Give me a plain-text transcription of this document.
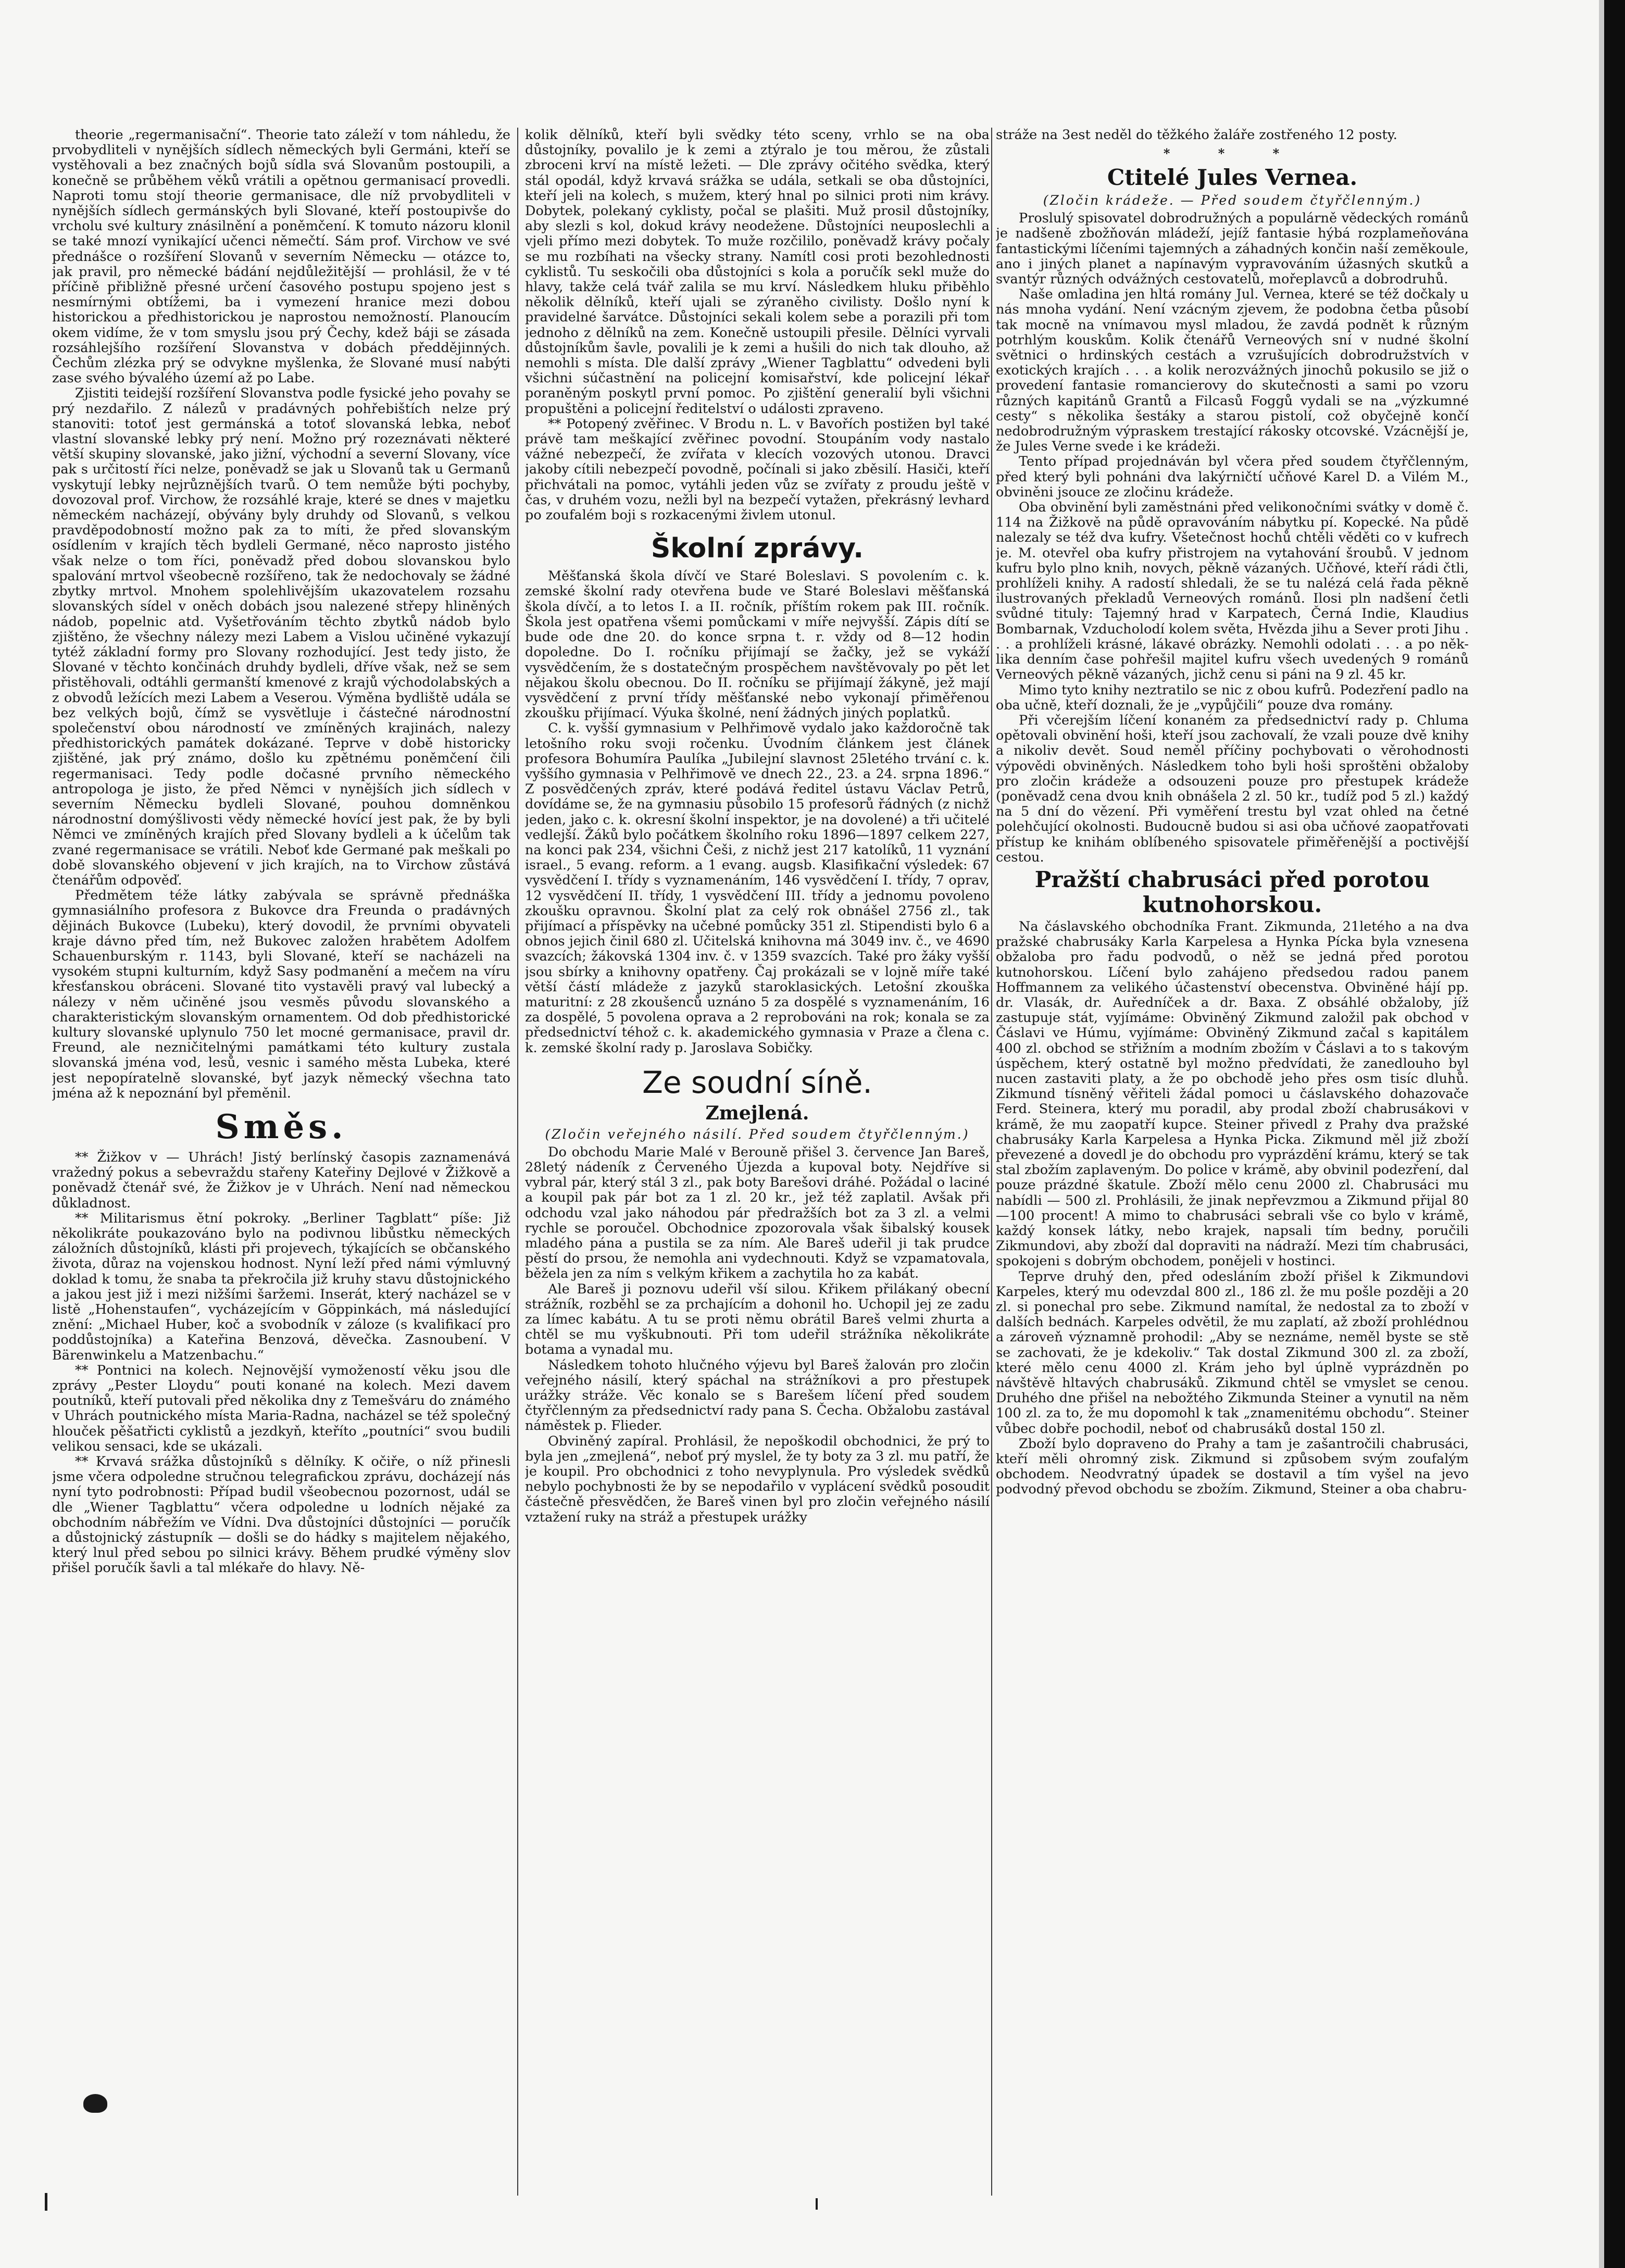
theorie „regermanisační“. Theorie tato záleží v tom náhledu, že prvobydliteli v nynějších sídlech německých byli Germáni, kteří se vystěhovali a bez značných bojů sídla svá Slovanům postoupili, a konečně se průběhem věků vrátili a opětnou germanisací provedli. Naproti tomu stojí theorie germanisace, dle níž prvobydliteli v nynějších sídlech germánských byli Slované, kteří postoupivše do vrcholu své kultury znásilnění a poněmčení. K tomuto názoru klonil se také mnozí vynikající učenci němečtí. Sám prof. Virchow ve své přednášce o rozšíření Slovanů v severním Německu — otázce to, jak pravil, pro německé bádání nejdůležitější — prohlásil, že v té příčině přibližně přesné určení časového postupu spojeno jest s nesmírnými obtížemi, ba i vymezení hranice mezi dobou historickou a předhistorickou je naprostou nemožností. Planoucím okem vidíme, že v tom smyslu jsou prý Čechy, kdež báji se zásada rozsáhlejšího rozšíření Slovanstva v dobách předdějinných. Čechům zlézka prý se odvykne myšlenka, že Slované musí nabýti zase svého bývalého území až po Labe.

Zjistiti teidejší rozšíření Slovanstva podle fysické jeho povahy se prý nezdařilo. Z nálezů v pradávných pohřebištích nelze prý stanoviti: totoť jest germánská a totoť slovanská lebka, neboť vlastní slovanské lebky prý není. Možno prý rozeznávati některé větší skupiny slovanské, jako jižní, východní a severní Slovany, více pak s určitostí říci nelze, poněvadž se jak u Slovanů tak u Germanů vyskytují lebky nejrůznějších tvarů. O tem nemůže býti pochyby, dovozoval prof. Virchow, že rozsáhlé kraje, které se dnes v majetku německém nacházejí, obývány byly druhdy od Slovanů, s velkou pravděpodobností možno pak za to míti, že před slovanským osídlením v krajích těch bydleli Germané, něco naprosto jistého však nelze o tom říci, poněvadž před dobou slovanskou bylo spalování mrtvol všeobecně rozšířeno, tak že nedochovaly se žádné zbytky mrtvol. Mnohem spolehlivějším ukazovatelem rozsahu slovanských sídel v oněch dobách jsou nalezené střepy hliněných nádob, popelnic atd. Vyšetřováním těchto zbytků nádob bylo zjištěno, že všechny nálezy mezi Labem a Vislou učiněné vykazují tytéž základní formy pro Slovany rozhodující. Jest tedy jisto, že Slované v těchto končinách druhdy bydleli, dříve však, než se sem přistěhovali, odtáhli germanští kmenové z krajů východolabských a z obvodů ležících mezi Labem a Veserou. Výměna bydliště udála se bez velkých bojů, čímž se vysvětluje i částečné národnostní společenství obou národností ve zmíněných krajinách, nalezy předhistorických památek dokázané. Teprve v době historicky zjištěné, jak prý známo, došlo ku zpětnému poněmčení čili regermanisaci. Tedy podle dočasné prvního německého antropologa je jisto, že před Němci v nynějších jich sídlech v severním Německu bydleli Slované, pouhou domněnkou národnostní domýšlivosti vědy německé hovící jest pak, že by byli Němci ve zmíněných krajích před Slovany bydleli a k účelům tak zvané regermanisace se vrátili. Neboť kde Germané pak meškali po době slovanského objevení v jich krajích, na to Virchow zůstává čtenářům odpověď.

Předmětem téže látky zabývala se správně přednáška gymnasiálního profesora z Bukovce dra Freunda o pradávných dějinách Bukovce (Lubeku), který dovodil, že prvními obyvateli kraje dávno před tím, než Bukovec založen hrabětem Adolfem Schauenburským r. 1143, byli Slované, kteří se nacházeli na vysokém stupni kulturním, když Sasy podmanění a mečem na víru křesťanskou obráceni. Slované tito vystavěli pravý val lubecký a nálezy v něm učiněné jsou vesměs původu slovanského a charakteristickým slovanským ornamentem. Od dob předhistorické kultury slovanské uplynulo 750 let mocné germanisace, pravil dr. Freund, ale nezničitelnými památkami této kultury zustala slovanská jména vod, lesů, vesnic i samého města Lubeka, které jest nepopíratelně slovanské, byť jazyk německý všechna tato jména až k nepoznání byl přeměnil.

Směs.

** Žižkov v — Uhrách! Jistý berlínský časopis zaznamenává vražedný pokus a sebevraždu stařeny Kateřiny Dejlové v Žižkově a poněvadž čtenář své, že Žižkov je v Uhrách. Není nad německou důkladnost.

** Militarismus ětní pokroky. „Berliner Tagblatt“ píše: Již několikráte poukazováno bylo na podivnou libůstku německých záložních důstojníků, klásti při projevech, týkajících se občanského života, důraz na vojenskou hodnost. Nyní leží před námi výmluvný doklad k tomu, že snaba ta překročila již kruhy stavu důstojnického a jakou jest již i mezi nižšími šaržemi. Inserát, který nacházel se v listě „Hohenstaufen“, vycházejícím v Göppinkách, má následující znění: „Michael Huber, koč a svobodník v záloze (s kvalifikací pro poddůstojníka) a Kateřina Benzová, děvečka. Zasnoubení. V Bärenwinkelu a Matzenbachu.“

** Pontnici na kolech. Nejnovější vymožeností věku jsou dle zprávy „Pester Lloydu“ pouti konané na kolech. Mezi davem poutníků, kteří putovali před několika dny z Temešváru do známého v Uhrách poutnického místa Maria-Radna, nacházel se též společný hlouček pěšatřicti cyklistů a jezdkyň, kteříto „poutníci“ svou budili velikou sensaci, kde se ukázali.

** Krvavá srážka důstojníků s dělníky. K očiře, o níž přinesli jsme včera odpoledne stručnou telegrafickou zprávu, docházejí nás nyní tyto podrobnosti: Případ budil všeobecnou pozornost, udál se dle „Wiener Tagblattu“ včera odpoledne u lodních nějaké za obchodním nábřežím ve Vídni. Dva důstojníci důstojníci — poručík a důstojnický zástupník — došli se do hádky s majitelem nějakého, který lnul před sebou po silnici krávy. Během prudké výměny slov přišel poručík šavli a tal mlékaře do hlavy. Ně-

kolik dělníků, kteří byli svědky této sceny, vrhlo se na oba důstojníky, povalilo je k zemi a ztýralo je tou měrou, že zůstali zbroceni krví na místě ležeti. — Dle zprávy očitého svědka, který stál opodál, když krvavá srážka se udála, setkali se oba důstojníci, kteří jeli na kolech, s mužem, který hnal po silnici proti nim krávy. Dobytek, polekaný cyklisty, počal se plašiti. Muž prosil důstojníky, aby slezli s kol, dokud krávy neodežene. Důstojníci neuposlechli a vjeli přímo mezi dobytek. To muže rozčililo, poněvadž krávy počaly se mu rozbíhati na všecky strany. Namítl cosi proti bezohlednosti cyklistů. Tu seskočili oba důstojníci s kola a poručík sekl muže do hlavy, takže celá tvář zalila se mu krví. Následkem hluku přiběhlo několik dělníků, kteří ujali se zýraněho civilisty. Došlo nyní k pravidelné šarvátce. Důstojníci sekali kolem sebe a porazili při tom jednoho z dělníků na zem. Konečně ustoupili přesile. Dělníci vyrvali důstojníkům šavle, povalili je k zemi a hušili do nich tak dlouho, až nemohli s místa. Dle další zprávy „Wiener Tagblattu“ odvedeni byli všichni súčastnění na policejní komisařství, kde policejní lékař poraněným poskytl první pomoc. Po zjištění generalií byli všichni propuštěni a policejní ředitelství o události zpraveno.

** Potopený zvěřinec. V Brodu n. L. v Bavořích postižen byl také právě tam meškající zvěřinec povodní. Stoupáním vody nastalo vážné nebezpečí, že zvířata v klecích vozových utonou. Dravci jakoby cítili nebezpečí povodně, počínali si jako zběsilí. Hasiči, kteří přichvátali na pomoc, vytáhli jeden vůz se zvířaty z proudu ještě v čas, v druhém vozu, nežli byl na bezpečí vytažen, překrásný levhard po zoufalém boji s rozkacenými živlem utonul.

Školní zprávy.

Měšťanská škola dívčí ve Staré Boleslavi. S povolením c. k. zemské školní rady otevřena bude ve Staré Boleslavi měšťanská škola dívčí, a to letos I. a II. ročník, příštím rokem pak III. ročník. Škola jest opatřena všemi pomůckami v míře nejvyšší. Zápis dítí se bude ode dne 20. do konce srpna t. r. vždy od 8—12 hodin dopoledne. Do I. ročníku přijímají se žačky, jež se vykáží vysvědčením, že s dostatečným prospěchem navštěvovaly po pět let nějakou školu obecnou. Do II. ročníku se přijímají žákyně, jež mají vysvědčení z první třídy měšťanské nebo vykonají přiměřenou zkoušku přijímací. Výuka školné, není žádných jiných poplatků.

C. k. vyšší gymnasium v Pelhřimově vydalo jako každoročně tak letošního roku svoji ročenku. Úvodním článkem jest článek profesora Bohumíra Paulíka „Jubilejní slavnost 25letého trvání c. k. vyššího gymnasia v Pelhřimově ve dnech 22., 23. a 24. srpna 1896.“ Z posvědčených zpráv, které podává ředitel ústavu Václav Petrů, dovídáme se, že na gymnasiu působilo 15 profesorů řádných (z nichž jeden, jako c. k. okresní školní inspektor, je na dovolené) a tři učitelé vedlejší. Žáků bylo počátkem školního roku 1896—1897 celkem 227, na konci pak 234, všichni Češi, z nichž jest 217 katolíků, 11 vyznání israel., 5 evang. reform. a 1 evang. augsb. Klasifikační výsledek: 67 vysvědčení I. třídy s vyznamenáním, 146 vysvědčení I. třídy, 7 oprav, 12 vysvědčení II. třídy, 1 vysvědčení III. třídy a jednomu povoleno zkoušku opravnou. Školní plat za celý rok obnášel 2756 zl., tak přijímací a příspěvky na učebné pomůcky 351 zl. Stipendisti bylo 6 a obnos jejich činil 680 zl. Učitelská knihovna má 3049 inv. č., ve 4690 svazcích; žákovská 1304 inv. č. v 1359 svazcích. Také pro žáky vyšší jsou sbírky a knihovny opatřeny. Čaj prokázali se v lojně míře také větší částí mládeže z jazyků staroklasických. Letošní zkouška maturitní: z 28 zkoušenců uznáno 5 za dospělé s vyznamenáním, 16 za dospělé, 5 povolena oprava a 2 reprobováni na rok; konala se za předsednictví téhož c. k. akademického gymnasia v Praze a člena c. k. zemské školní rady p. Jaroslava Sobičky.

Ze soudní síně.
Zmejlená.
(Zločin veřejného násilí. Před soudem čtyřčlenným.)

Do obchodu Marie Malé v Berouně přišel 3. července Jan Bareš, 28letý nádeník z Červeného Újezda a kupoval boty. Nejdříve si vybral pár, který stál 3 zl., pak boty Barešovi dráhé. Požádal o laciné a koupil pak pár bot za 1 zl. 20 kr., jež též zaplatil. Avšak při odchodu vzal jako náhodou pár předražších bot za 3 zl. a velmi rychle se poroučel. Obchodnice zpozorovala však šibalský kousek mladého pána a pustila se za ním. Ale Bareš udeřil ji tak prudce pěstí do prsou, že nemohla ani vydechnouti. Když se vzpamatovala, běžela jen za ním s velkým křikem a zachytila ho za kabát.

Ale Bareš ji poznovu udeřil vší silou. Křikem přilákaný obecní strážník, rozběhl se za prchajícím a dohonil ho. Uchopil jej ze zadu za límec kabátu. A tu se proti němu obrátil Bareš velmi zhurta a chtěl se mu vyškubnouti. Při tom udeřil strážníka několikráte botama a vynadal mu.

Následkem tohoto hlučného výjevu byl Bareš žalován pro zločin veřejného násilí, který spáchal na strážníkovi a pro přestupek urážky stráže. Věc konalo se s Barešem líčení před soudem čtyřčlenným za předsednictví rady pana S. Čecha. Obžalobu zastával náměstek p. Flieder.

Obviněný zapíral. Prohlásil, že nepoškodil obchodnici, že prý to byla jen „zmejlená“, neboť prý myslel, že ty boty za 3 zl. mu patří, že je koupil. Pro obchodnici z toho nevyplynula. Pro výsledek svědků nebylo pochybnosti že by se nepodařilo v vyplácení svědků posoudit částečně přesvědčen, že Bareš vinen byl pro zločin veřejného násilí vztažení ruky na stráž a přestupek urážky

stráže na 3est neděl do těžkého žaláře zostřeného 12 posty.

* * *
Ctitelé Jules Vernea.
(Zločin krádeže. — Před soudem čtyřčlenným.)

Proslulý spisovatel dobrodružných a populárně vědeckých románů je nadšeně zbožňován mládeží, jejíž fantasie hýbá rozplameňována fantastickými líčeními tajemných a záhadných končin naší zeměkoule, ano i jiných planet a napínavým vypravováním úžasných skutků a svantýr různých odvážných cestovatelů, mořeplavců a dobrodruhů.

Naše omladina jen hltá romány Jul. Vernea, které se též dočkaly u nás mnoha vydání. Není vzácným zjevem, že podobna četba působí tak mocně na vnímavou mysl mladou, že zavdá podnět k různým potrhlým kouskům. Kolik čtenářů Verneových sní v nudné školní světnici o hrdinských cestách a vzrušujících dobrodružstvích v exotických krajích . . . a kolik nerozvážných jinochů pokusilo se již o provedení fantasie romancierovy do skutečnosti a sami po vzoru různých kapitánů Grantů a Filcasů Foggů vydali se na „výzkumné cesty“ s několika šestáky a starou pistolí, což obyčejně končí nedobrodružným výpraskem trestající rákosky otcovské. Vzácnější je, že Jules Verne svede i ke krádeži.

Tento případ projednáván byl včera před soudem čtyřčlenným, před který byli pohnáni dva lakýrničtí učňové Karel D. a Vilém M., obviněni jsouce ze zločinu krádeže.

Oba obvinění byli zaměstnáni před velikonočními svátky v domě č. 114 na Žižkově na půdě opravováním nábytku pí. Kopecké. Na půdě nalezaly se též dva kufry. Všetečnost hochů chtěli věděti co v kufrech je. M. otevřel oba kufry přistrojem na vytahování šroubů. V jednom kufru bylo plno knih, novych, pěkně vázaných. Učňové, kteří rádi čtli, prohlíželi knihy. A radostí shledali, že se tu nalézá celá řada pěkně ilustrovaných překladů Verneových románů. Ilosi pln nadšení četli svůdné tituly: Tajemný hrad v Karpatech, Černá Indie, Klaudius Bombarnak, Vzducholodí kolem světa, Hvězda jihu a Sever proti Jihu . . . a prohlíželi krásné, lákavé obrázky. Nemohli odolati . . . a po něk-lika denním čase pohřešil majitel kufru všech uvedených 9 románů Verneových pěkně vázaných, jichž cenu si páni na 9 zl. 45 kr.

Mimo tyto knihy neztratilo se nic z obou kufrů. Podezření padlo na oba učně, kteří doznali, že je „vypůjčili“ pouze dva romány.

Při včerejším líčení konaném za předsednictví rady p. Chluma opětovali obvinění hoši, kteří jsou zachovalí, že vzali pouze dvě knihy a nikoliv devět. Soud neměl příčiny pochybovati o věrohodnosti výpovědi obviněných. Následkem toho byli hoši sproštěni obžaloby pro zločin krádeže a odsouzeni pouze pro přestupek krádeže (poněvadž cena dvou knih obnášela 2 zl. 50 kr., tudíž pod 5 zl.) každý na 5 dní do vězení. Při vyměření trestu byl vzat ohled na četné polehčující okolnosti. Budoucně budou si asi oba učňové zaopatřovati přístup ke knihám oblíbeného spisovatele přiměřenější a poctivější cestou.

Pražští chabrusáci před porotou kutnohorskou.

Na čáslavského obchodníka Frant. Zikmunda, 21letého a na dva pražské chabrusáky Karla Karpelesa a Hynka Pícka byla vznesena obžaloba pro řadu podvodů, o něž se jedná před porotou kutnohorskou. Líčení bylo zahájeno předsedou radou panem Hoffmannem za velikého účastenství obecenstva. Obviněné hájí pp. dr. Vlasák, dr. Auředníček a dr. Baxa. Z obsáhlé obžaloby, jíž zastupuje stát, vyjímáme: Obviněný Zikmund založil pak obchod v Čáslavi ve Húmu, vyjímáme: Obviněný Zikmund začal s kapitálem 400 zl. obchod se střižním a modním zbožím v Čáslavi a to s takovým úspěchem, který ostatně byl možno předvídati, že zanedlouho byl nucen zastaviti platy, a že po obchodě jeho přes osm tisíc dluhů. Zikmund tísněný věřiteli žádal pomoci u čáslavského dohazovače Ferd. Steinera, který mu poradil, aby prodal zboží chabrusákovi v krámě, že mu zaopatří kupce. Steiner přivedl z Prahy dva pražské chabrusáky Karla Karpelesa a Hynka Picka. Zikmund měl již zboží převezené a dovedl je do obchodu pro vyprázdění krámu, který se tak stal zbožím zaplaveným. Do police v krámě, aby obvinil podezření, dal pouze prázdné škatule. Zboží mělo cenu 2000 zl. Chabrusáci mu nabídli — 500 zl. Prohlásili, že jinak nepřevzmou a Zikmund přijal 80—100 procent! A mimo to chabrusáci sebrali vše co bylo v krámě, každý konsek látky, nebo krajek, napsali tím bedny, poručili Zikmundovi, aby zboží dal dopraviti na nádraží. Mezi tím chabrusáci, spokojeni s dobrým obchodem, ponějeli v hostinci.

Teprve druhý den, před odesláním zboží přišel k Zikmundovi Karpeles, který mu odevzdal 800 zl., 186 zl. že mu pošle později a 20 zl. si ponechal pro sebe. Zikmund namítal, že nedostal za to zboží v dalších bednách. Karpeles odvětil, že mu zaplatí, až zboží prohlédnou a zároveň významně prohodil: „Aby se neznáme, neměl byste se stě se zachovati, že je kdekoliv.“ Tak dostal Zikmund 300 zl. za zboží, které mělo cenu 4000 zl. Krám jeho byl úplně vyprázdněn po návštěvě hltavých chabrusáků. Zikmund chtěl se vmyslet se cenou. Druhého dne přišel na nebožtého Zikmunda Steiner a vynutil na něm 100 zl. za to, že mu dopomohl k tak „znamenitému obchodu“. Steiner vůbec dobře pochodil, neboť od chabrusáků dostal 150 zl.

Zboží bylo dopraveno do Prahy a tam je zašantročili chabrusáci, kteří měli ohromný zisk. Zikmund si způsobem svým zoufalým obchodem. Neodvratný úpadek se dostavil a tím vyšel na jevo podvodný převod obchodu se zbožím. Zikmund, Steiner a oba chabru-
